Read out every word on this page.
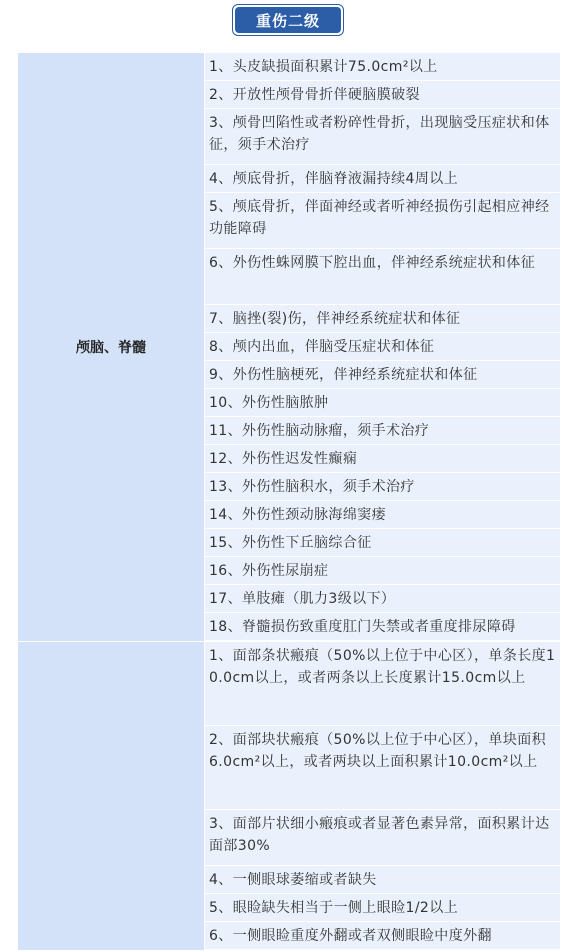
重伤二级
颅脑、脊髓
1、头皮缺损面积累计75.0cm²以上
2、开放性颅骨骨折伴硬脑膜破裂
3、颅骨凹陷性或者粉碎性骨折，出现脑受压症状和体征，须手术治疗
4、颅底骨折，伴脑脊液漏持续4周以上
5、颅底骨折，伴面神经或者听神经损伤引起相应神经功能障碍
6、外伤性蛛网膜下腔出血，伴神经系统症状和体征
7、脑挫(裂)伤，伴神经系统症状和体征
8、颅内出血，伴脑受压症状和体征
9、外伤性脑梗死，伴神经系统症状和体征
10、外伤性脑脓肿
11、外伤性脑动脉瘤，须手术治疗
12、外伤性迟发性癫痫
13、外伤性脑积水，须手术治疗
14、外伤性颈动脉海绵窦瘘
15、外伤性下丘脑综合征
16、外伤性尿崩症
17、单肢瘫（肌力3级以下）
18、脊髓损伤致重度肛门失禁或者重度排尿障碍
1、面部条状瘢痕（50%以上位于中心区），单条长度10.0cm以上，或者两条以上长度累计15.0cm以上
2、面部块状瘢痕（50%以上位于中心区），单块面积6.0cm²以上，或者两块以上面积累计10.0cm²以上
3、面部片状细小瘢痕或者显著色素异常，面积累计达面部30%
4、一侧眼球萎缩或者缺失
5、眼睑缺失相当于一侧上眼睑1/2以上
6、一侧眼睑重度外翻或者双侧眼睑中度外翻
